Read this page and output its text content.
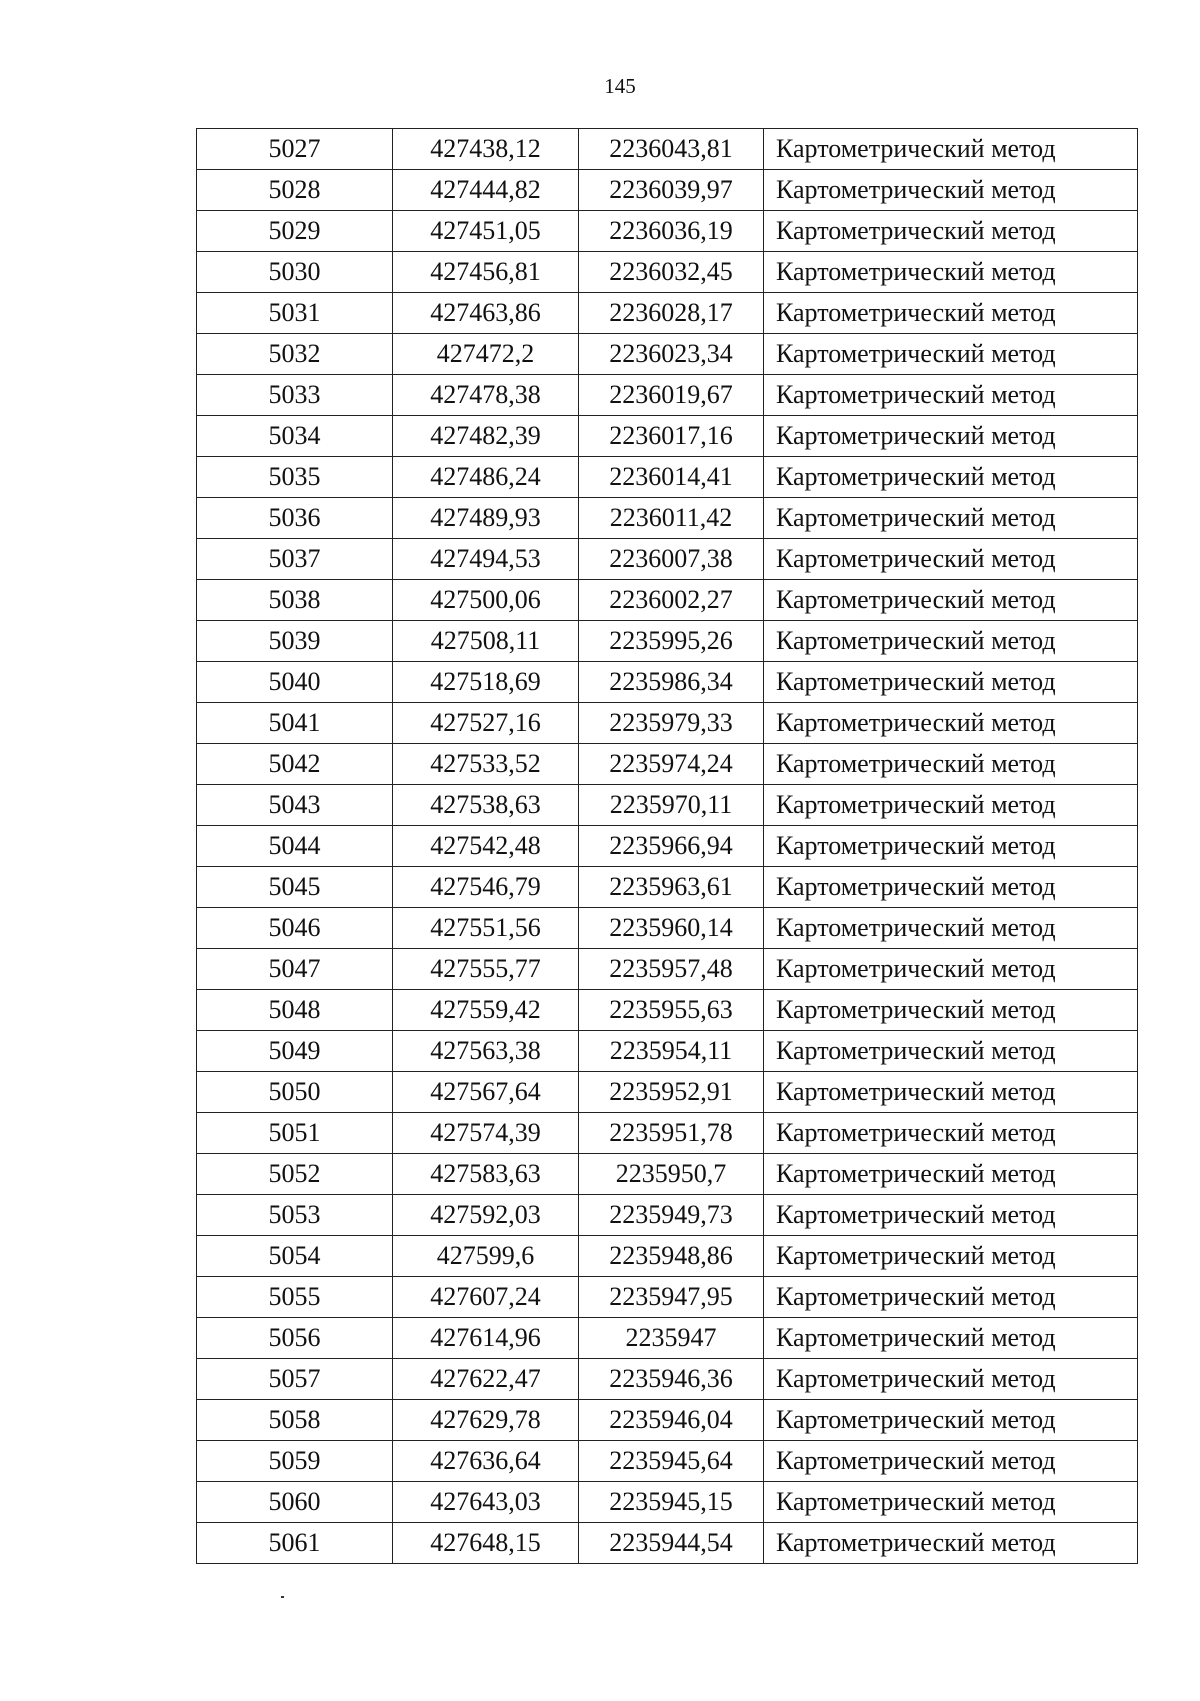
145
5027	427438,12	2236043,81	Картометрический метод
5028	427444,82	2236039,97	Картометрический метод
5029	427451,05	2236036,19	Картометрический метод
5030	427456,81	2236032,45	Картометрический метод
5031	427463,86	2236028,17	Картометрический метод
5032	427472,2	2236023,34	Картометрический метод
5033	427478,38	2236019,67	Картометрический метод
5034	427482,39	2236017,16	Картометрический метод
5035	427486,24	2236014,41	Картометрический метод
5036	427489,93	2236011,42	Картометрический метод
5037	427494,53	2236007,38	Картометрический метод
5038	427500,06	2236002,27	Картометрический метод
5039	427508,11	2235995,26	Картометрический метод
5040	427518,69	2235986,34	Картометрический метод
5041	427527,16	2235979,33	Картометрический метод
5042	427533,52	2235974,24	Картометрический метод
5043	427538,63	2235970,11	Картометрический метод
5044	427542,48	2235966,94	Картометрический метод
5045	427546,79	2235963,61	Картометрический метод
5046	427551,56	2235960,14	Картометрический метод
5047	427555,77	2235957,48	Картометрический метод
5048	427559,42	2235955,63	Картометрический метод
5049	427563,38	2235954,11	Картометрический метод
5050	427567,64	2235952,91	Картометрический метод
5051	427574,39	2235951,78	Картометрический метод
5052	427583,63	2235950,7	Картометрический метод
5053	427592,03	2235949,73	Картометрический метод
5054	427599,6	2235948,86	Картометрический метод
5055	427607,24	2235947,95	Картометрический метод
5056	427614,96	2235947	Картометрический метод
5057	427622,47	2235946,36	Картометрический метод
5058	427629,78	2235946,04	Картометрический метод
5059	427636,64	2235945,64	Картометрический метод
5060	427643,03	2235945,15	Картометрический метод
5061	427648,15	2235944,54	Картометрический метод
